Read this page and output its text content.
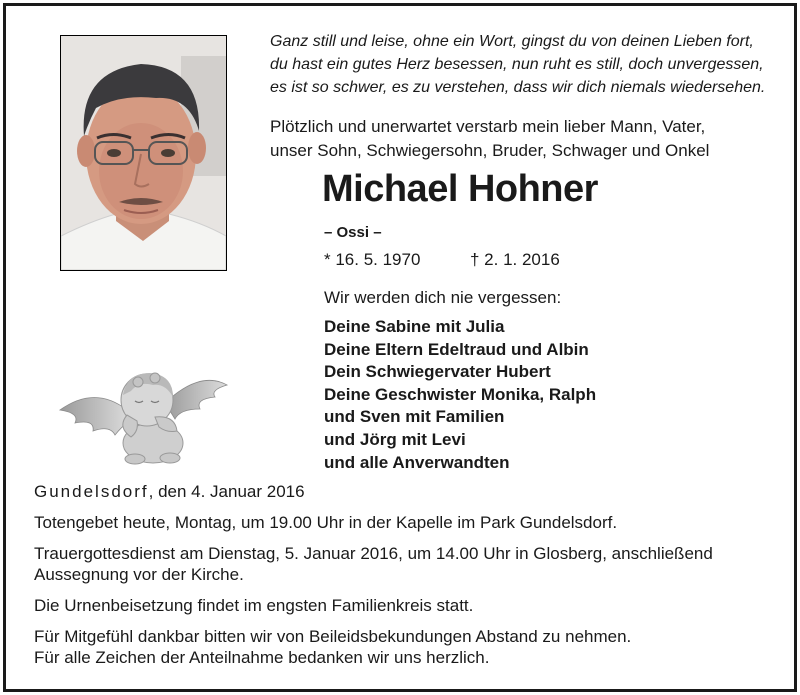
Ganz still und leise, ohne ein Wort, gingst du von deinen Lieben fort,
du hast ein gutes Herz besessen, nun ruht es still, doch unvergessen,
es ist so schwer, es zu verstehen, dass wir dich niemals wiedersehen.
Plötzlich und unerwartet verstarb mein lieber Mann, Vater,
unser Sohn, Schwiegersohn, Bruder, Schwager und Onkel
Michael Hohner
– Ossi –
* 16. 5. 1970	† 2. 1. 2016
Wir werden dich nie vergessen:
Deine Sabine mit Julia
Deine Eltern Edeltraud und Albin
Dein Schwiegervater Hubert
Deine Geschwister Monika, Ralph
und Sven mit Familien
und Jörg mit Levi
und alle Anverwandten
Gundelsdorf, den 4. Januar 2016

Totengebet heute, Montag, um 19.00 Uhr in der Kapelle im Park Gundelsdorf.

Trauergottesdienst am Dienstag, 5. Januar 2016, um 14.00 Uhr in Glosberg, anschließend
Aussegnung vor der Kirche.

Die Urnenbeisetzung findet im engsten Familienkreis statt.

Für Mitgefühl dankbar bitten wir von Beileidsbekundungen Abstand zu nehmen.
Für alle Zeichen der Anteilnahme bedanken wir uns herzlich.
